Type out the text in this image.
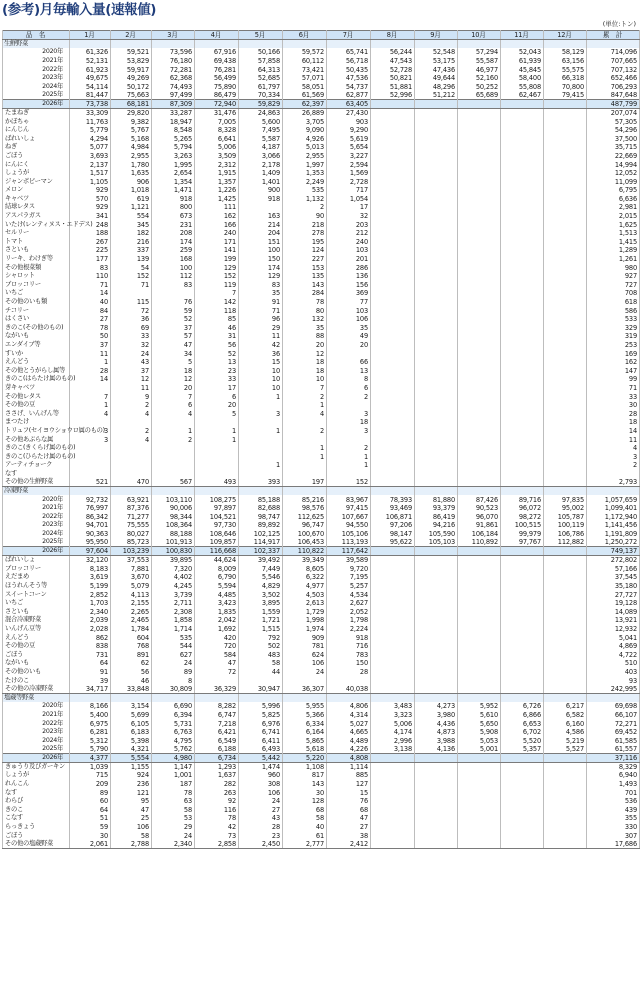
(参考)月毎輸入量(速報値)
(単位:トン)
品　名	1月	2月	3月	4月	5月	6月	7月	8月	9月	10月	11月	12月	累　計
生鮮野菜													
2020年	61,326	59,521	73,596	67,916	50,166	59,572	65,741	56,244	52,548	57,294	52,043	58,129	714,096
2021年	52,131	53,829	76,180	69,438	57,858	60,112	56,718	47,543	53,175	55,587	61,939	63,156	707,665
2022年	61,923	59,917	72,281	76,281	64,313	73,421	50,435	52,728	47,436	46,977	45,845	55,575	707,132
2023年	49,675	49,269	62,368	56,499	52,685	57,071	47,536	50,821	49,644	52,160	58,400	66,318	652,466
2024年	54,114	50,172	74,493	75,890	61,797	58,051	54,737	51,881	48,296	50,252	55,808	70,800	706,293
2025年	81,447	75,663	97,499	86,479	70,334	61,569	62,877	52,996	51,212	65,689	62,467	79,415	847,648
2026年	73,738	68,181	87,309	72,940	59,829	62,397	63,405						487,799
たまねぎ	33,309	29,820	33,287	31,476	24,863	26,889	27,430						207,074
かぼちゃ	11,763	9,382	18,947	7,005	5,600	3,705	903						57,305
にんじん	5,779	5,767	8,548	8,328	7,495	9,090	9,290						54,296
ばれいしょ	4,294	5,168	5,265	6,641	5,587	4,926	5,619						37,500
ねぎ	5,077	4,984	5,794	5,006	4,187	5,013	5,654						35,715
ごぼう	3,693	2,955	3,263	3,509	3,066	2,955	3,227						22,669
にんにく	2,137	1,780	1,995	2,312	2,178	1,997	2,594						14,994
しょうが	1,517	1,635	2,654	1,915	1,409	1,353	1,569						12,052
ジャンボピーマン	1,105	906	1,354	1,357	1,401	2,249	2,728						11,099
メロン	929	1,018	1,471	1,226	900	535	717						6,795
キャベツ	570	619	918	1,425	918	1,132	1,054						6,636
結球レタス	929	1,121	800	111		2	17						2,981
アスパラガス	341	554	673	162	163	90	32						2,015
いたけ(レンティヌス・エドデス)	248	345	231	166	214	218	203						1,625
セルリー	188	182	208	240	204	278	212						1,513
トマト	267	216	174	171	151	195	240						1,415
さといも	225	337	259	141	100	124	103						1,289
リーキ、わけぎ等	177	139	168	199	150	227	201						1,261
その他根菜類	83	54	100	129	174	153	286						980
シャロット	110	152	112	152	129	135	136						927
ブロッコリー	71	71	83	119	83	143	156						727
いちご	14			7	35	284	369						708
その他のいも類	40	115	76	142	91	78	77						618
チコリー	84	72	59	118	71	80	103						586
はくさい	27	36	52	85	96	132	106						533
きのこ(その他のもの)	78	69	37	46	29	35	35						329
ながいも	50	33	57	31	11	88	49						319
エンダイブ等	37	32	47	56	42	20	20						253
すいか	11	24	34	52	36	12							169
えんどう	1	43	5	13	15	18	66						162
その他とうがらし属等	28	37	18	23	10	18	13						147
きのこ(はらたけ属のもの)	14	12	12	33	10	10	8						99
芽キャベツ		11	20	17	10	7	6						71
その他レタス	7	9	7	6	1	2	2						33
その他の豆	1	2	6	20		1							30
ささげ、いんげん等	4	4	4	5	3	4	3						28
まつたけ							18						18
トリュフ(セイヨウショウロ属のもの)	3	2	1	1	1	2	3						14
その他あぶらな属	3	4	2	1									11
きのこ(きくらげ属のもの)						1	2						4
きのこ(ひらたけ属のもの)						1	1						3
アーティチョーク					1		1						2
なす													
その他の生鮮野菜	521	470	567	493	393	197	152						2,793
冷凍野菜													
2020年	92,732	63,921	103,110	108,275	85,188	85,216	83,967	78,393	81,880	87,426	89,716	97,835	1,057,659
2021年	76,997	87,376	90,006	97,897	82,688	98,576	97,415	93,469	93,379	90,523	96,072	95,002	1,099,401
2022年	86,342	71,277	98,344	104,521	98,747	112,625	107,667	106,871	86,419	96,070	98,272	105,787	1,172,940
2023年	94,701	75,555	108,364	97,730	89,892	96,747	94,550	97,206	94,216	91,861	100,515	100,119	1,141,456
2024年	90,363	80,027	88,188	108,646	102,125	100,670	105,106	98,147	105,590	106,184	99,979	106,786	1,191,809
2025年	95,950	85,723	101,913	109,857	114,917	106,453	113,193	95,622	105,103	110,892	97,767	112,882	1,250,272
2026年	97,604	103,239	100,830	116,668	102,337	110,822	117,642						749,137
ばれいしょ	32,120	37,553	39,895	44,624	39,492	39,349	39,589						272,802
ブロッコリー	8,183	7,881	7,320	8,009	7,449	8,605	9,720						57,166
えだまめ	3,619	3,670	4,402	6,790	5,546	6,322	7,195						37,545
ほうれんそう等	5,199	5,079	4,245	5,594	4,829	4,977	5,257						35,180
スイートコーン	2,852	4,113	3,739	4,485	3,502	4,503	4,534						27,727
いちご	1,703	2,155	2,711	3,423	3,895	2,613	2,627						19,128
さといも	2,340	2,265	2,308	1,835	1,559	1,729	2,052						14,089
混合冷凍野菜	2,039	2,465	1,858	2,042	1,721	1,998	1,798						13,921
いんげん豆等	2,028	1,784	1,714	1,692	1,515	1,974	2,224						12,932
えんどう	862	604	535	420	792	909	918						5,041
その他の豆	838	768	544	720	502	781	716						4,869
ごぼう	731	891	627	584	483	624	783						4,722
ながいも	64	62	24	47	58	106	150						510
その他のいも	91	56	89	72	44	24	28						403
たけのこ	39	46	8										93
その他の冷凍野菜	34,717	33,848	30,809	36,329	30,947	36,307	40,038						242,995
塩蔵等野菜													
2020年	8,166	3,154	6,690	8,282	5,996	5,955	4,806	3,483	4,273	5,952	6,726	6,217	69,698
2021年	5,400	5,699	6,394	6,747	5,825	5,366	4,314	3,323	3,980	5,610	6,866	6,582	66,107
2022年	6,975	6,105	5,731	7,218	6,976	6,334	5,027	5,006	4,436	5,650	6,653	6,160	72,271
2023年	6,281	6,183	6,763	6,421	6,741	6,164	4,665	4,174	4,873	5,908	6,702	4,586	69,452
2024年	5,312	5,398	4,795	6,549	6,411	5,865	4,489	2,996	3,988	5,053	5,520	5,219	61,585
2025年	5,790	4,321	5,762	6,188	6,493	5,618	4,226	3,138	4,136	5,001	5,357	5,527	61,557
2026年	4,377	5,554	4,980	6,734	5,442	5,220	4,808						37,116
きゅうり及びガーキン	1,039	1,155	1,147	1,293	1,474	1,108	1,114						8,329
しょうが	715	924	1,001	1,637	960	817	885						6,940
れんこん	209	236	187	282	308	143	127						1,493
なす	89	121	78	263	106	30	15						701
わらび	60	95	63	92	24	128	76						536
きのこ	64	47	58	116	27	68	68						439
こなす	51	25	53	78	43	58	47						355
らっきょう	59	106	29	42	28	40	27						330
ごぼう	30	58	24	73	23	61	38						307
その他の塩蔵野菜	2,061	2,788	2,340	2,858	2,450	2,777	2,412						17,686
